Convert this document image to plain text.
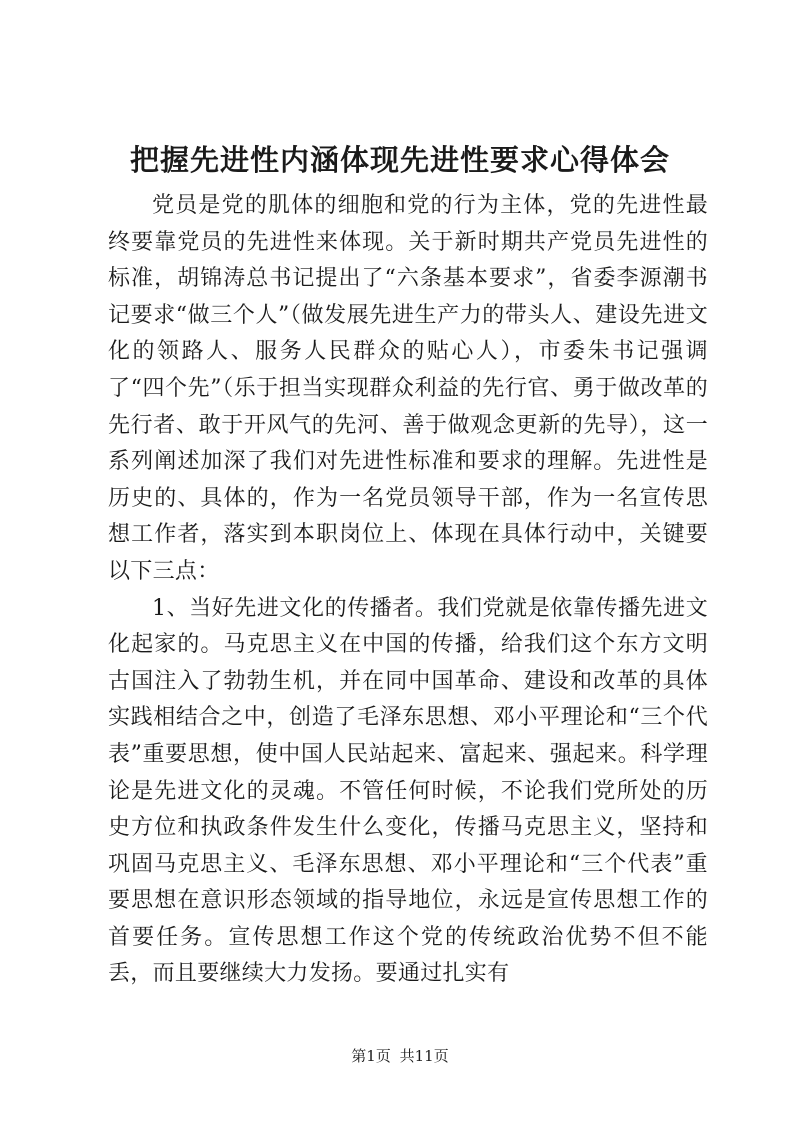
把握先进性内涵体现先进性要求心得体会

党员是党的肌体的细胞和党的行为主体，党的先进性最终要靠党员的先进性来体现。关于新时期共产党员先进性的标准，胡锦涛总书记提出了“六条基本要求”，省委李源潮书记要求“做三个人”（做发展先进生产力的带头人、建设先进文化的领路人、服务人民群众的贴心人），市委朱书记强调了“四个先”（乐于担当实现群众利益的先行官、勇于做改革的先行者、敢于开风气的先河、善于做观念更新的先导），这一系列阐述加深了我们对先进性标准和要求的理解。先进性是历史的、具体的，作为一名党员领导干部，作为一名宣传思想工作者，落实到本职岗位上、体现在具体行动中，关键要以下三点：

1、当好先进文化的传播者。我们党就是依靠传播先进文化起家的。马克思主义在中国的传播，给我们这个东方文明古国注入了勃勃生机，并在同中国革命、建设和改革的具体实践相结合之中，创造了毛泽东思想、邓小平理论和“三个代表”重要思想，使中国人民站起来、富起来、强起来。科学理论是先进文化的灵魂。不管任何时候，不论我们党所处的历史方位和执政条件发生什么变化，传播马克思主义，坚持和巩固马克思主义、毛泽东思想、邓小平理论和“三个代表”重要思想在意识形态领域的指导地位，永远是宣传思想工作的首要任务。宣传思想工作这个党的传统政治优势不但不能丢，而且要继续大力发扬。要通过扎实有

第1页 共11页
